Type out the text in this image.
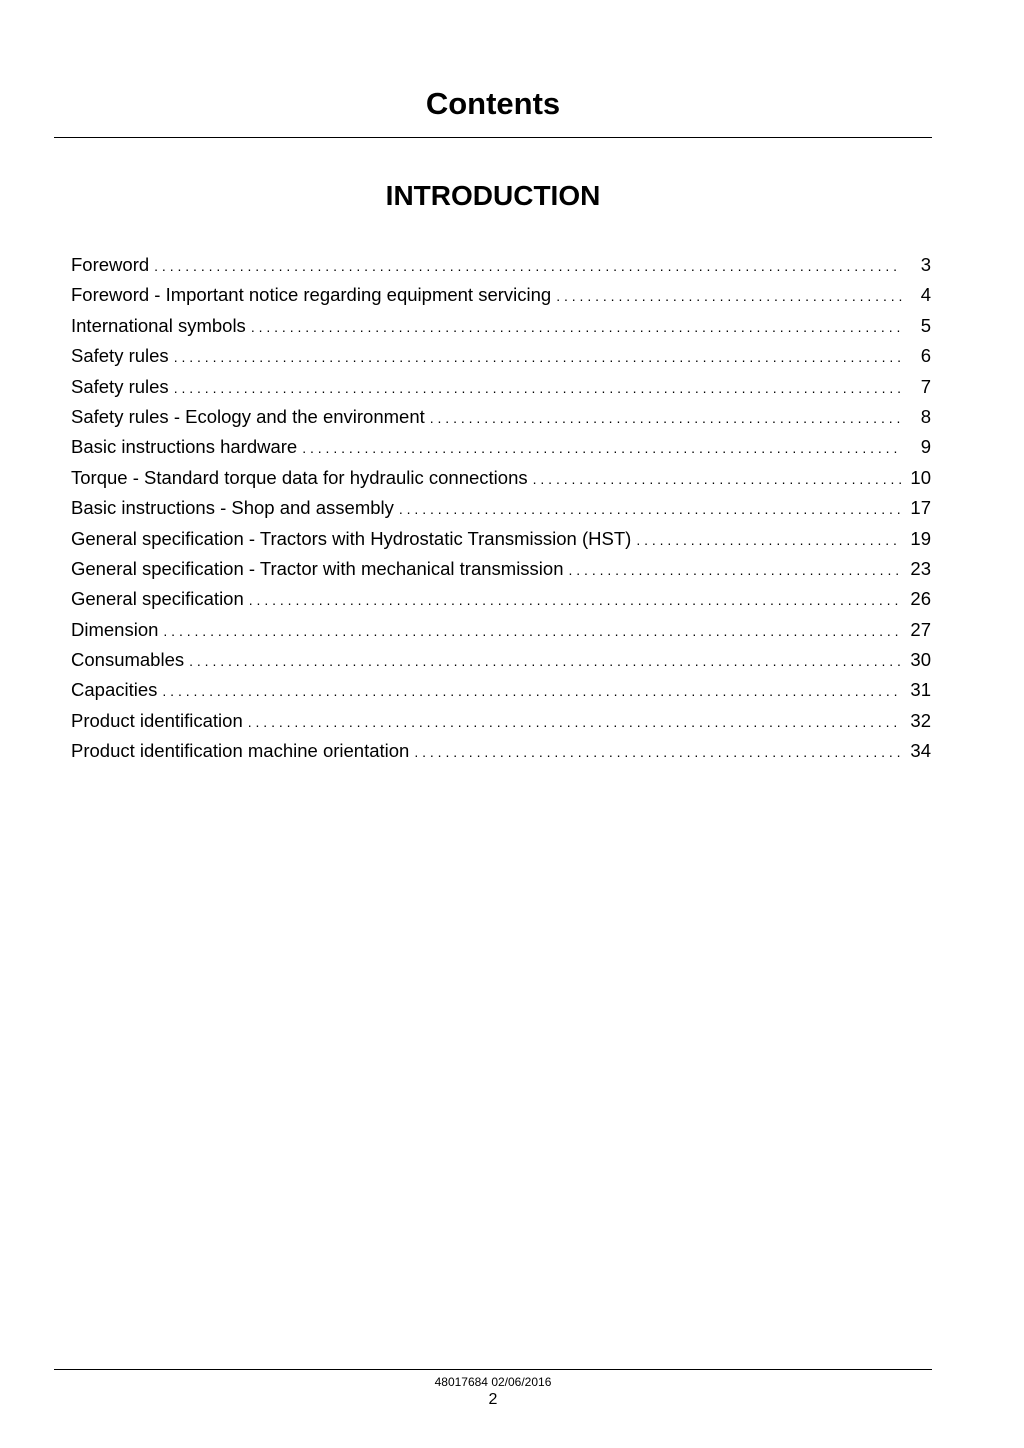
Contents
INTRODUCTION
Foreword . . .	3
Foreword - Important notice regarding equipment servicing . . .	4
International symbols . . .	5
Safety rules . . .	6
Safety rules . . .	7
Safety rules - Ecology and the environment . . .	8
Basic instructions hardware . . .	9
Torque - Standard torque data for hydraulic connections . . .	10
Basic instructions - Shop and assembly . . .	17
General specification - Tractors with Hydrostatic Transmission (HST) . . .	19
General specification - Tractor with mechanical transmission . . .	23
General specification . . .	26
Dimension . . .	27
Consumables . . .	30
Capacities . . .	31
Product identification . . .	32
Product identification machine orientation . . .	34
48017684 02/06/2016
2
